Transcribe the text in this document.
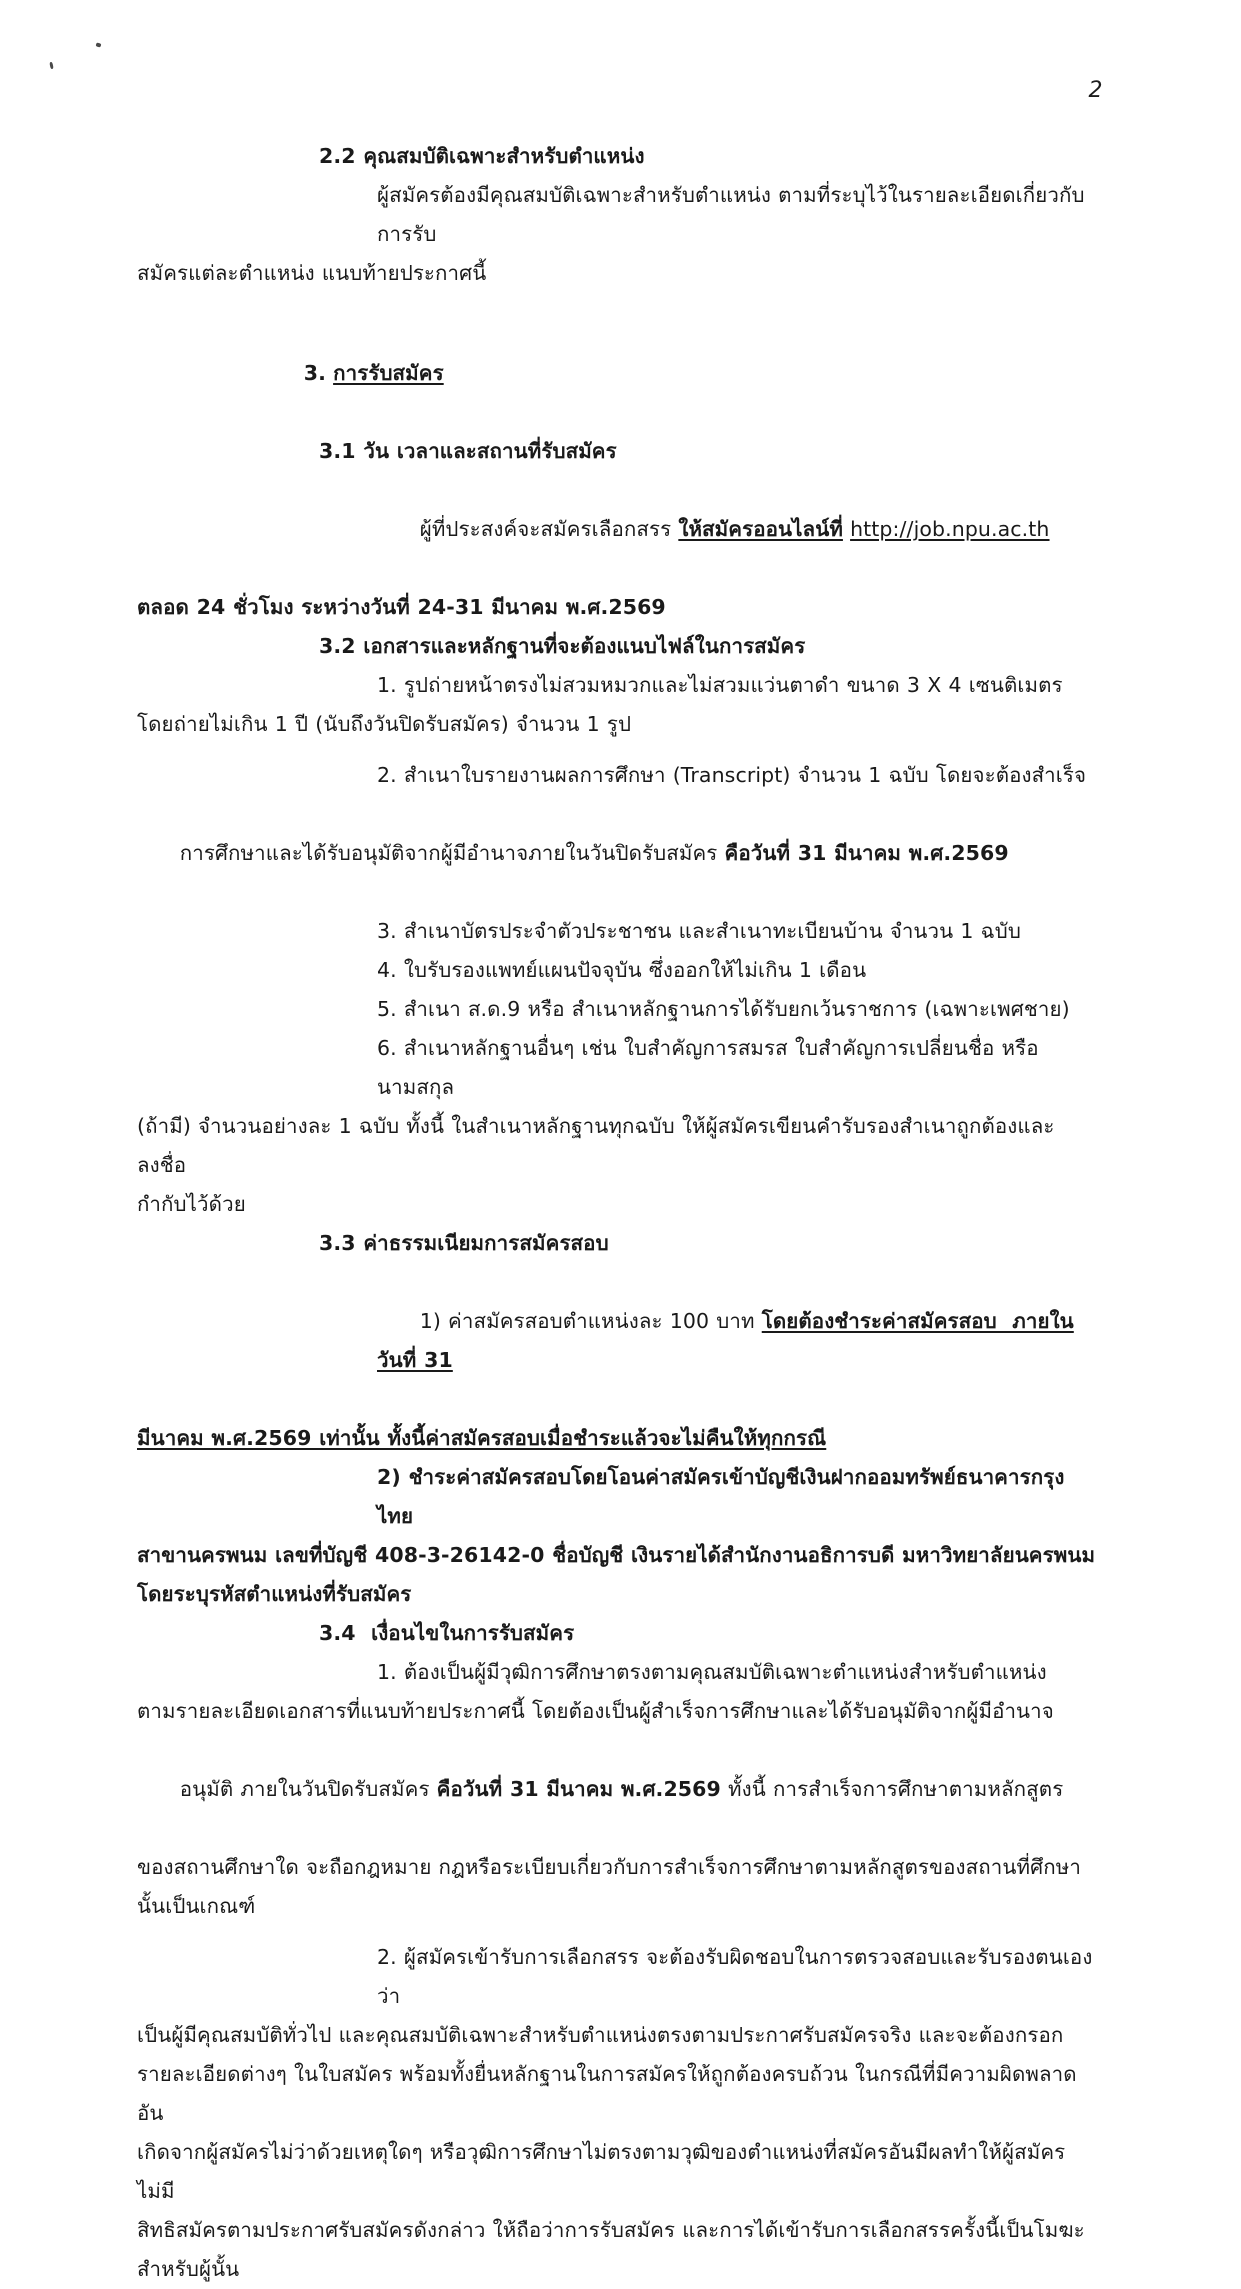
2
2.2 คุณสมบัติเฉพาะสำหรับตำแหน่ง
ผู้สมัครต้องมีคุณสมบัติเฉพาะสำหรับตำแหน่ง ตามที่ระบุไว้ในรายละเอียดเกี่ยวกับการรับ
สมัครแต่ละตำแหน่ง แนบท้ายประกาศนี้

3. การรับสมัคร

3.1 วัน เวลาและสถานที่รับสมัคร

ผู้ที่ประสงค์จะสมัครเลือกสรร ให้สมัครออนไลน์ที่ http://job.npu.ac.th

ตลอด 24 ชั่วโมง ระหว่างวันที่ 24-31 มีนาคม พ.ศ.2569
3.2 เอกสารและหลักฐานที่จะต้องแนบไฟล์ในการสมัคร
1. รูปถ่ายหน้าตรงไม่สวมหมวกและไม่สวมแว่นตาดำ ขนาด 3 X 4 เซนติเมตร
โดยถ่ายไม่เกิน 1 ปี (นับถึงวันปิดรับสมัคร) จำนวน 1 รูป
2. สำเนาใบรายงานผลการศึกษา (Transcript) จำนวน 1 ฉบับ โดยจะต้องสำเร็จ

การศึกษาและได้รับอนุมัติจากผู้มีอำนาจภายในวันปิดรับสมัคร คือวันที่ 31 มีนาคม พ.ศ.2569

3. สำเนาบัตรประจำตัวประชาชน และสำเนาทะเบียนบ้าน จำนวน 1 ฉบับ
4. ใบรับรองแพทย์แผนปัจจุบัน ซึ่งออกให้ไม่เกิน 1 เดือน
5. สำเนา ส.ด.9 หรือ สำเนาหลักฐานการได้รับยกเว้นราชการ (เฉพาะเพศชาย)
6. สำเนาหลักฐานอื่นๆ เช่น ใบสำคัญการสมรส ใบสำคัญการเปลี่ยนชื่อ หรือนามสกุล
(ถ้ามี) จำนวนอย่างละ 1 ฉบับ ทั้งนี้ ในสำเนาหลักฐานทุกฉบับ ให้ผู้สมัครเขียนคำรับรองสำเนาถูกต้องและลงชื่อ
กำกับไว้ด้วย
3.3 ค่าธรรมเนียมการสมัครสอบ

1) ค่าสมัครสอบตำแหน่งละ 100 บาท โดยต้องชำระค่าสมัครสอบ  ภายในวันที่ 31

มีนาคม พ.ศ.2569 เท่านั้น ทั้งนี้ค่าสมัครสอบเมื่อชำระแล้วจะไม่คืนให้ทุกกรณี
2) ชำระค่าสมัครสอบโดยโอนค่าสมัครเข้าบัญชีเงินฝากออมทรัพย์ธนาคารกรุงไทย
สาขานครพนม เลขที่บัญชี 408-3-26142-0 ชื่อบัญชี เงินรายได้สำนักงานอธิการบดี มหาวิทยาลัยนครพนม
โดยระบุรหัสตำแหน่งที่รับสมัคร
3.4  เงื่อนไขในการรับสมัคร
1. ต้องเป็นผู้มีวุฒิการศึกษาตรงตามคุณสมบัติเฉพาะตำแหน่งสำหรับตำแหน่ง
ตามรายละเอียดเอกสารที่แนบท้ายประกาศนี้ โดยต้องเป็นผู้สำเร็จการศึกษาและได้รับอนุมัติจากผู้มีอำนาจ

อนุมัติ ภายในวันปิดรับสมัคร คือวันที่ 31 มีนาคม พ.ศ.2569 ทั้งนี้ การสำเร็จการศึกษาตามหลักสูตร

ของสถานศึกษาใด จะถือกฎหมาย กฎหรือระเบียบเกี่ยวกับการสำเร็จการศึกษาตามหลักสูตรของสถานที่ศึกษา
นั้นเป็นเกณฑ์
2. ผู้สมัครเข้ารับการเลือกสรร จะต้องรับผิดชอบในการตรวจสอบและรับรองตนเองว่า
เป็นผู้มีคุณสมบัติทั่วไป และคุณสมบัติเฉพาะสำหรับตำแหน่งตรงตามประกาศรับสมัครจริง และจะต้องกรอก
รายละเอียดต่างๆ ในใบสมัคร พร้อมทั้งยื่นหลักฐานในการสมัครให้ถูกต้องครบถ้วน ในกรณีที่มีความผิดพลาดอัน
เกิดจากผู้สมัครไม่ว่าด้วยเหตุใดๆ หรือวุฒิการศึกษาไม่ตรงตามวุฒิของตำแหน่งที่สมัครอันมีผลทำให้ผู้สมัครไม่มี
สิทธิสมัครตามประกาศรับสมัครดังกล่าว ให้ถือว่าการรับสมัคร และการได้เข้ารับการเลือกสรรครั้งนี้เป็นโมฆะ
สำหรับผู้นั้น
